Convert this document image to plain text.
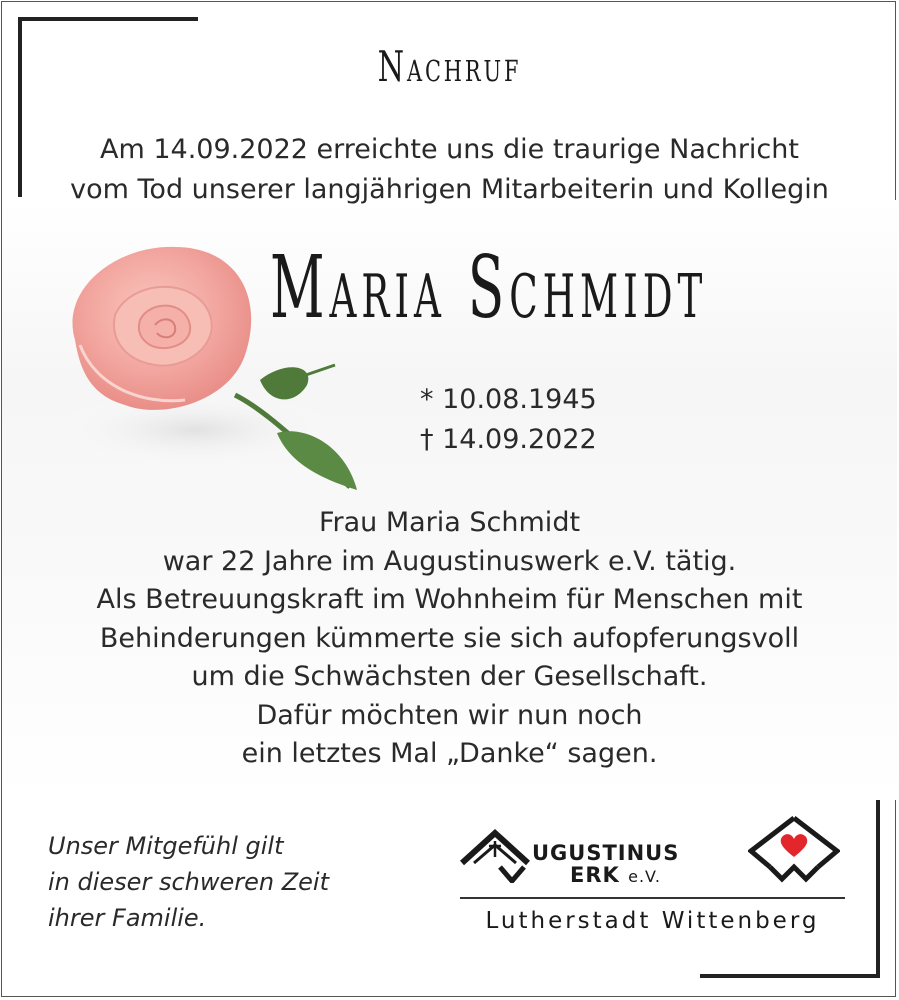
Nachruf
Am 14.09.2022 erreichte uns die traurige Nachricht
vom Tod unserer langjährigen Mitarbeiterin und Kollegin
Maria Schmidt
* 10.08.1945
† 14.09.2022
Frau Maria Schmidt
war 22 Jahre im Augustinuswerk e.V. tätig.
Als Betreuungskraft im Wohnheim für Menschen mit
Behinderungen kümmerte sie sich aufopferungsvoll
um die Schwächsten der Gesellschaft.
Dafür möchten wir nun noch
ein letztes Mal „Danke“ sagen.
Unser Mitgefühl gilt
in dieser schweren Zeit
ihrer Familie.
UGUSTINUS
ERK e.V.
Lutherstadt Wittenberg
